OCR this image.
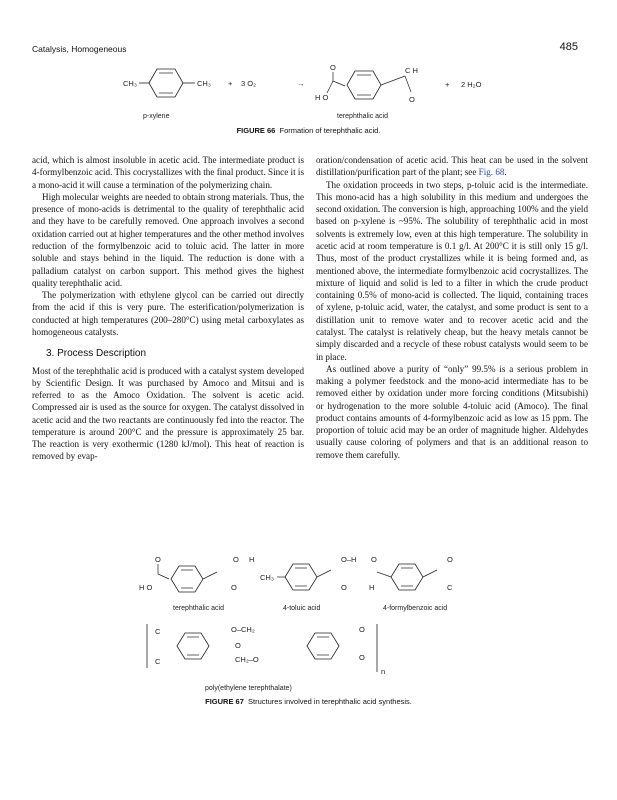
Catalysis, Homogeneous	485
CH₃	CH₃ + 3 O₂	→
O
H O
C H
O
+ 2 H₂O
p-xylene	terephthalic acid
FIGURE 66 Formation of terephthalic acid.

acid, which is almost insoluble in acetic acid. The intermediate product is 4-formylbenzoic acid. This cocrystallizes with the final product. Since it is a mono-acid it will cause a termination of the polymerizing chain.

High molecular weights are needed to obtain strong materials. Thus, the presence of mono-acids is detrimental to the quality of terephthalic acid and they have to be carefully removed. One approach involves a second oxidation carried out at higher temperatures and the other method involves reduction of the formylbenzoic acid to toluic acid. The latter in more soluble and stays behind in the liquid. The reduction is done with a palladium catalyst on carbon support. This method gives the highest quality terephthalic acid.

The polymerization with ethylene glycol can be carried out directly from the acid if this is very pure. The esterification/polymerization is conducted at high temperatures (200–280°C) using metal carboxylates as homogeneous catalysts.

3. Process Description

Most of the terephthalic acid is produced with a catalyst system developed by Scientific Design. It was purchased by Amoco and Mitsui and is referred to as the Amoco Oxidation. The solvent is acetic acid. Compressed air is used as the source for oxygen. The catalyst dissolved in acetic acid and the two reactants are continuously fed into the reactor. The temperature is around 200°C and the pressure is approximately 25 bar. The reaction is very exothermic (1280 kJ/mol). This heat of reaction is removed by evap-

oration/condensation of acetic acid. This heat can be used in the solvent distillation/purification part of the plant; see Fig. 68.

The oxidation proceeds in two steps, p-toluic acid is the intermediate. This mono-acid has a high solubility in this medium and undergoes the second oxidation. The conversion is high, approaching 100% and the yield based on p-xylene is ~95%. The solubility of terephthalic acid in most solvents is extremely low, even at this high temperature. The solubility in acetic acid at room temperature is 0.1 g/l. At 200°C it is still only 15 g/l. Thus, most of the product crystallizes while it is being formed and, as mentioned above, the intermediate formylbenzoic acid cocrystallizes. The mixture of liquid and solid is led to a filter in which the crude product containing 0.5% of mono-acid is collected. The liquid, containing traces of xylene, p-toluic acid, water, the catalyst, and some product is sent to a distillation unit to remove water and to recover acetic acid and the catalyst. The catalyst is relatively cheap, but the heavy metals cannot be simply discarded and a recycle of these robust catalysts would seem to be in place.

As outlined above a purity of “only” 99.5% is a serious problem in making a polymer feedstock and the mono-acid intermediate has to be removed either by oxidation under more forcing conditions (Mitsubishi) or hydrogenation to the more soluble 4-toluic acid (Amoco). The final product contains amounts of 4-formylbenzoic acid as low as 15 ppm. The proportion of toluic acid may be an order of magnitude higher. Aldehydes usually cause coloring of polymers and that is an additional reason to remove them carefully.

O
H O
O
O
H
terephthalic acid
CH₃
O–H
O
4-toluic acid
O
H
O
C
4-formylbenzoic acid
C
C
O–CH₂
CH₂–O
O
O
O
n
poly(ethylene terephthalate)
FIGURE 67 Structures involved in terephthalic acid synthesis.
